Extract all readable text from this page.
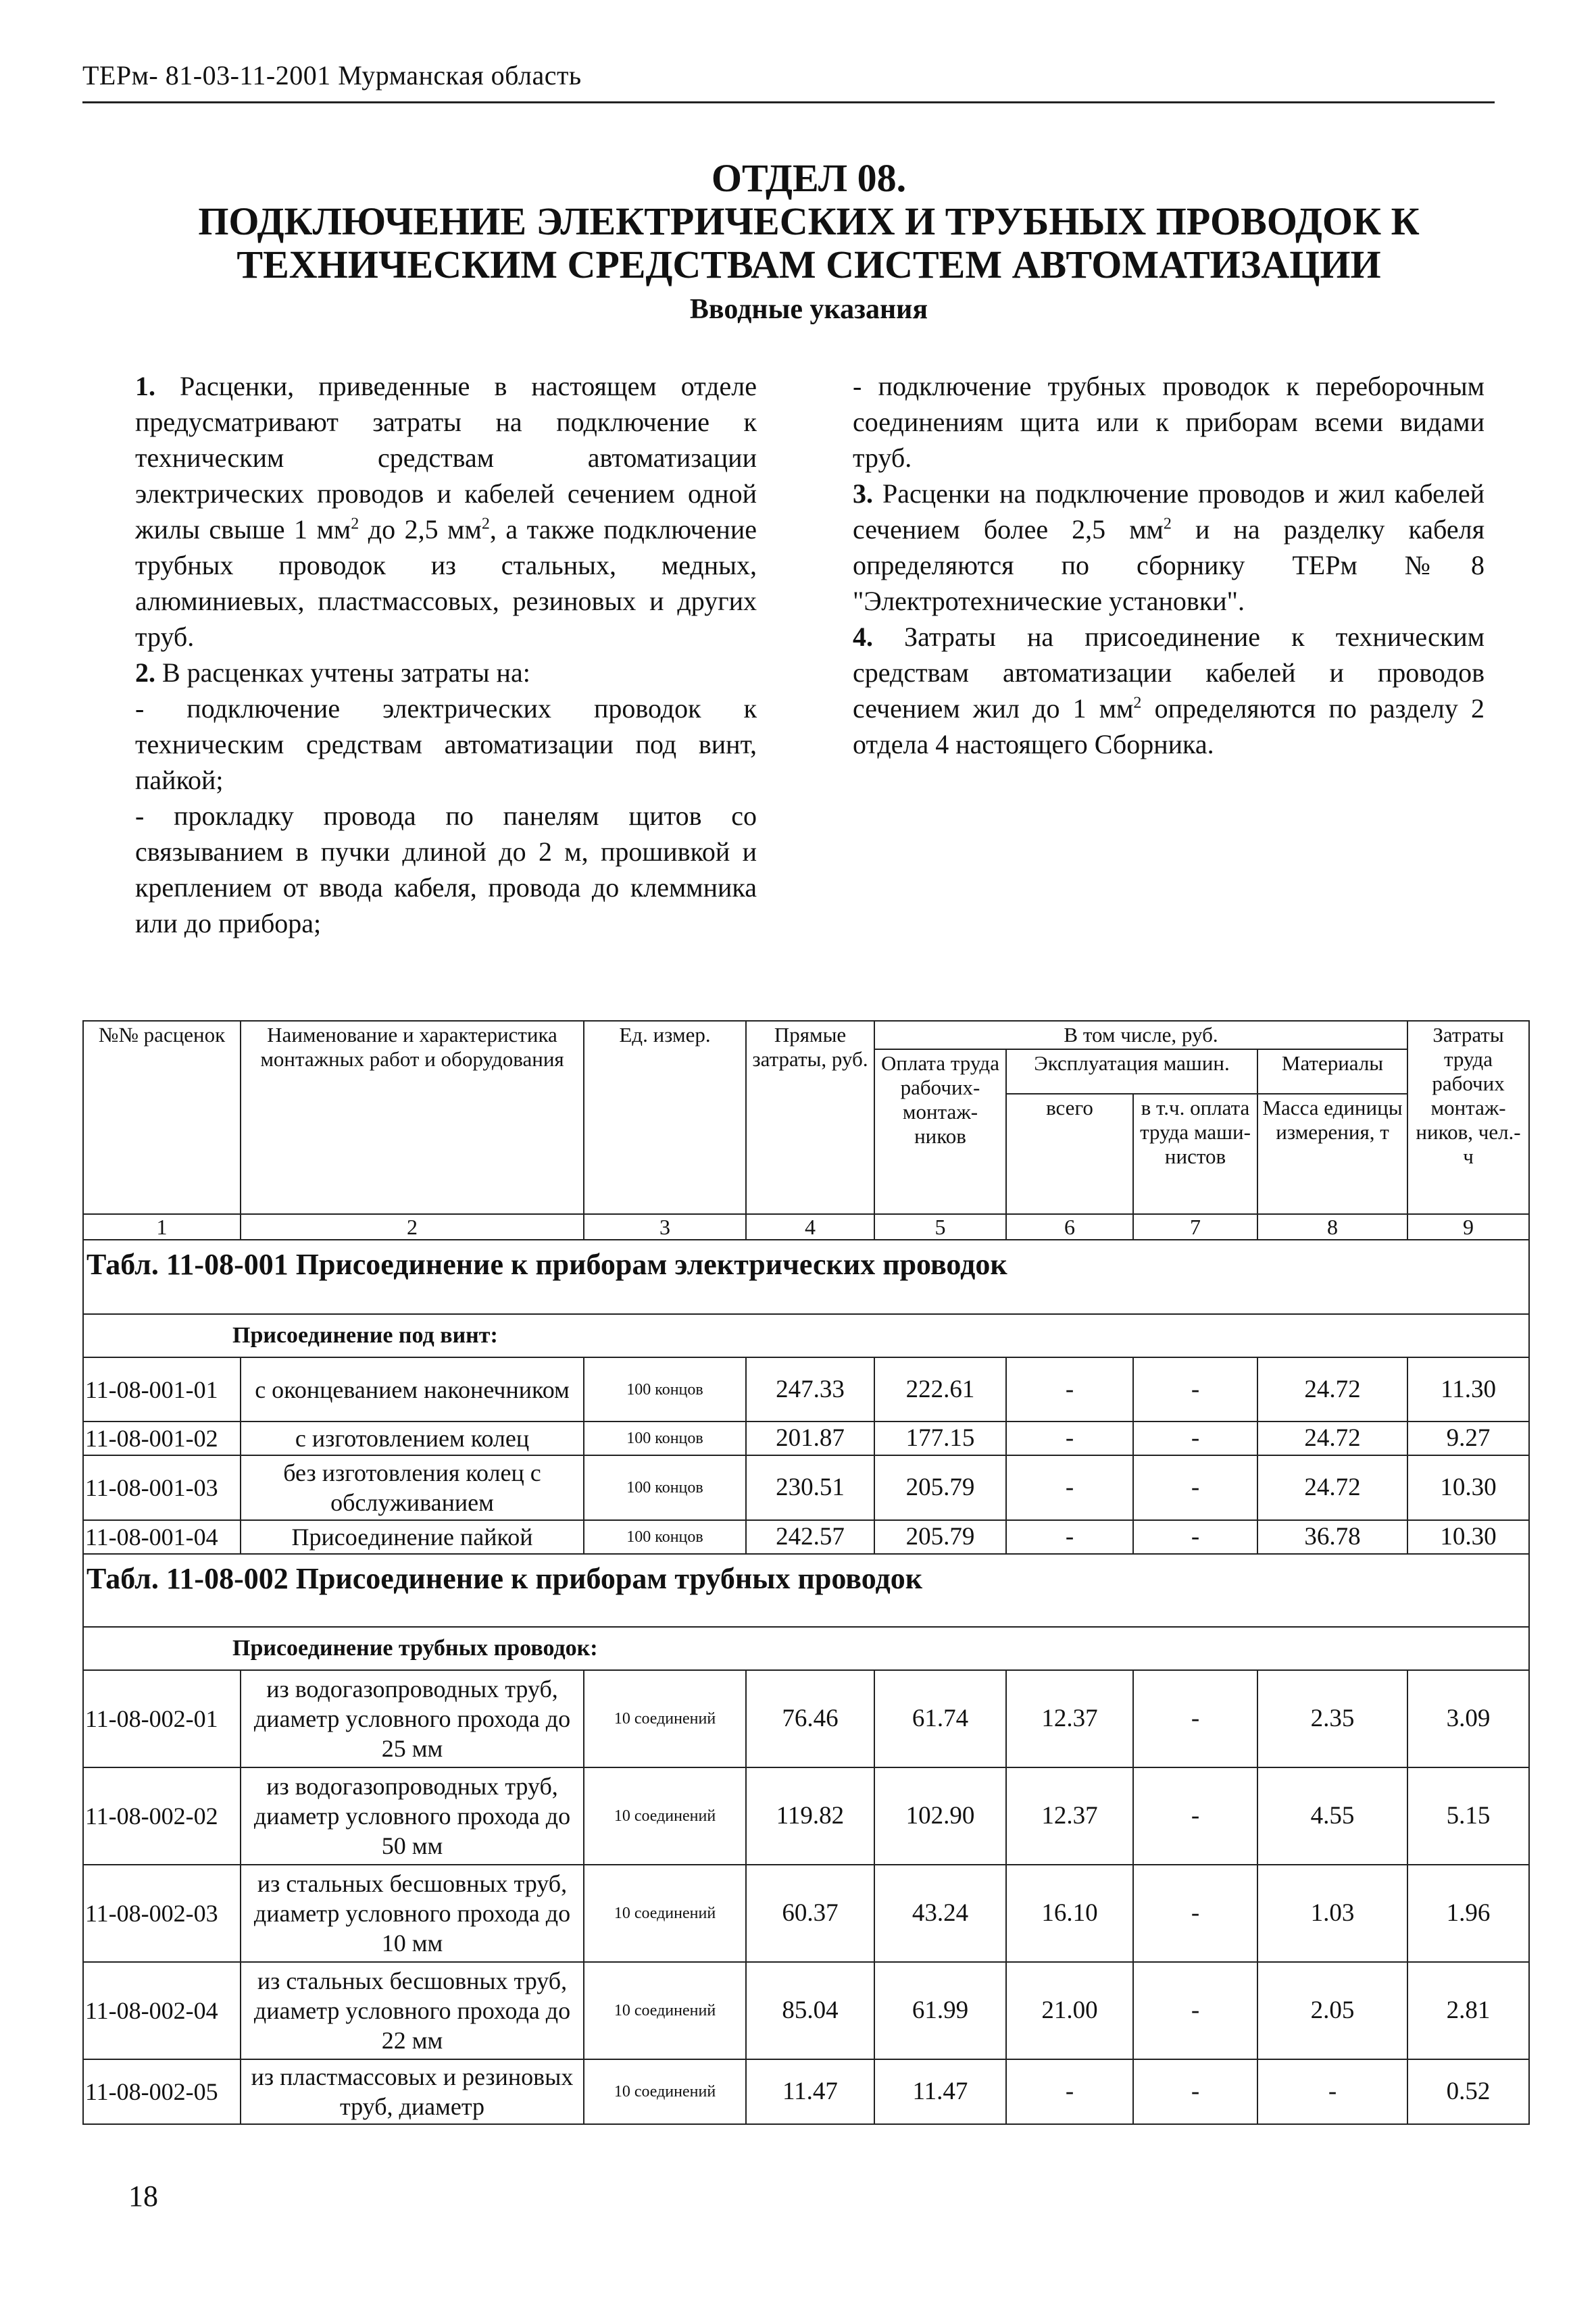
ТЕРм- 81-03-11-2001 Мурманская область
ОТДЕЛ 08.
ПОДКЛЮЧЕНИЕ ЭЛЕКТРИЧЕСКИХ И ТРУБНЫХ ПРОВОДОК К
ТЕХНИЧЕСКИМ СРЕДСТВАМ СИСТЕМ АВТОМАТИЗАЦИИ
Вводные указания

1. Расценки, приведенные в настоящем отделе предусматривают затраты на подключение к техническим средствам автоматизации электрических проводов и кабелей сечением одной жилы свыше 1 $мм^2$ до 2,5 $мм^2$, а также подключение трубных проводок из стальных, медных, алюминиевых, пластмассовых, резиновых и других труб.

2. В расценках учтены затраты на:

- подключение электрических проводок к техническим средствам автоматизации под винт, пайкой;

- прокладку провода по панелям щитов со связыванием в пучки длиной до 2 м, прошивкой и креплением от ввода кабеля, провода до клеммника или до прибора;

- подключение трубных проводок к переборочным соединениям щита или к приборам всеми видами труб.

3. Расценки на подключение проводов и жил кабелей сечением более 2,5 $мм^2$ и на разделку кабеля определяются по сборнику ТЕРм №8 "Электротехнические установки".

4. Затраты на присоединение к техническим средствам автоматизации кабелей и проводов сечением жил до 1 $мм^2$ определяются по разделу 2 отдела 4 настоящего Сборника.

№№ расценок	Наименование и характеристика монтажных работ и оборудования	Ед. измер.	Прямые затраты, руб.	В том числе, руб.				Затраты труда рабочих монтаж-ников, чел.-ч
				Оплата труда рабочих-монтаж-ников	Эксплуатация машин.		Материалы	
					всего	в т.ч. оплата труда маши-нистов	Масса единицы измерения, т	
1	2	3	4	5	6	7	8	9
Табл. 11-08-001 Присоединение к приборам электрических проводок								
Присоединение под винт:								
11-08-001-01	с оконцеванием наконечником	100 концов	247.33	222.61	-	-	24.72	11.30
11-08-001-02	с изготовлением колец	100 концов	201.87	177.15	-	-	24.72	9.27
11-08-001-03	без изготовления колец с обслуживанием	100 концов	230.51	205.79	-	-	24.72	10.30
11-08-001-04	Присоединение пайкой	100 концов	242.57	205.79	-	-	36.78	10.30
Табл. 11-08-002 Присоединение к приборам трубных проводок								
Присоединение трубных проводок:								
11-08-002-01	из водогазопроводных труб, диаметр условного прохода до 25 мм	10 соединений	76.46	61.74	12.37	-	2.35	3.09
11-08-002-02	из водогазопроводных труб, диаметр условного прохода до 50 мм	10 соединений	119.82	102.90	12.37	-	4.55	5.15
11-08-002-03	из стальных бесшовных труб, диаметр условного прохода до 10 мм	10 соединений	60.37	43.24	16.10	-	1.03	1.96
11-08-002-04	из стальных бесшовных труб, диаметр условного прохода до 22 мм	10 соединений	85.04	61.99	21.00	-	2.05	2.81
11-08-002-05	из пластмассовых и резиновых труб, диаметр	10 соединений	11.47	11.47	-	-	-	0.52
18
